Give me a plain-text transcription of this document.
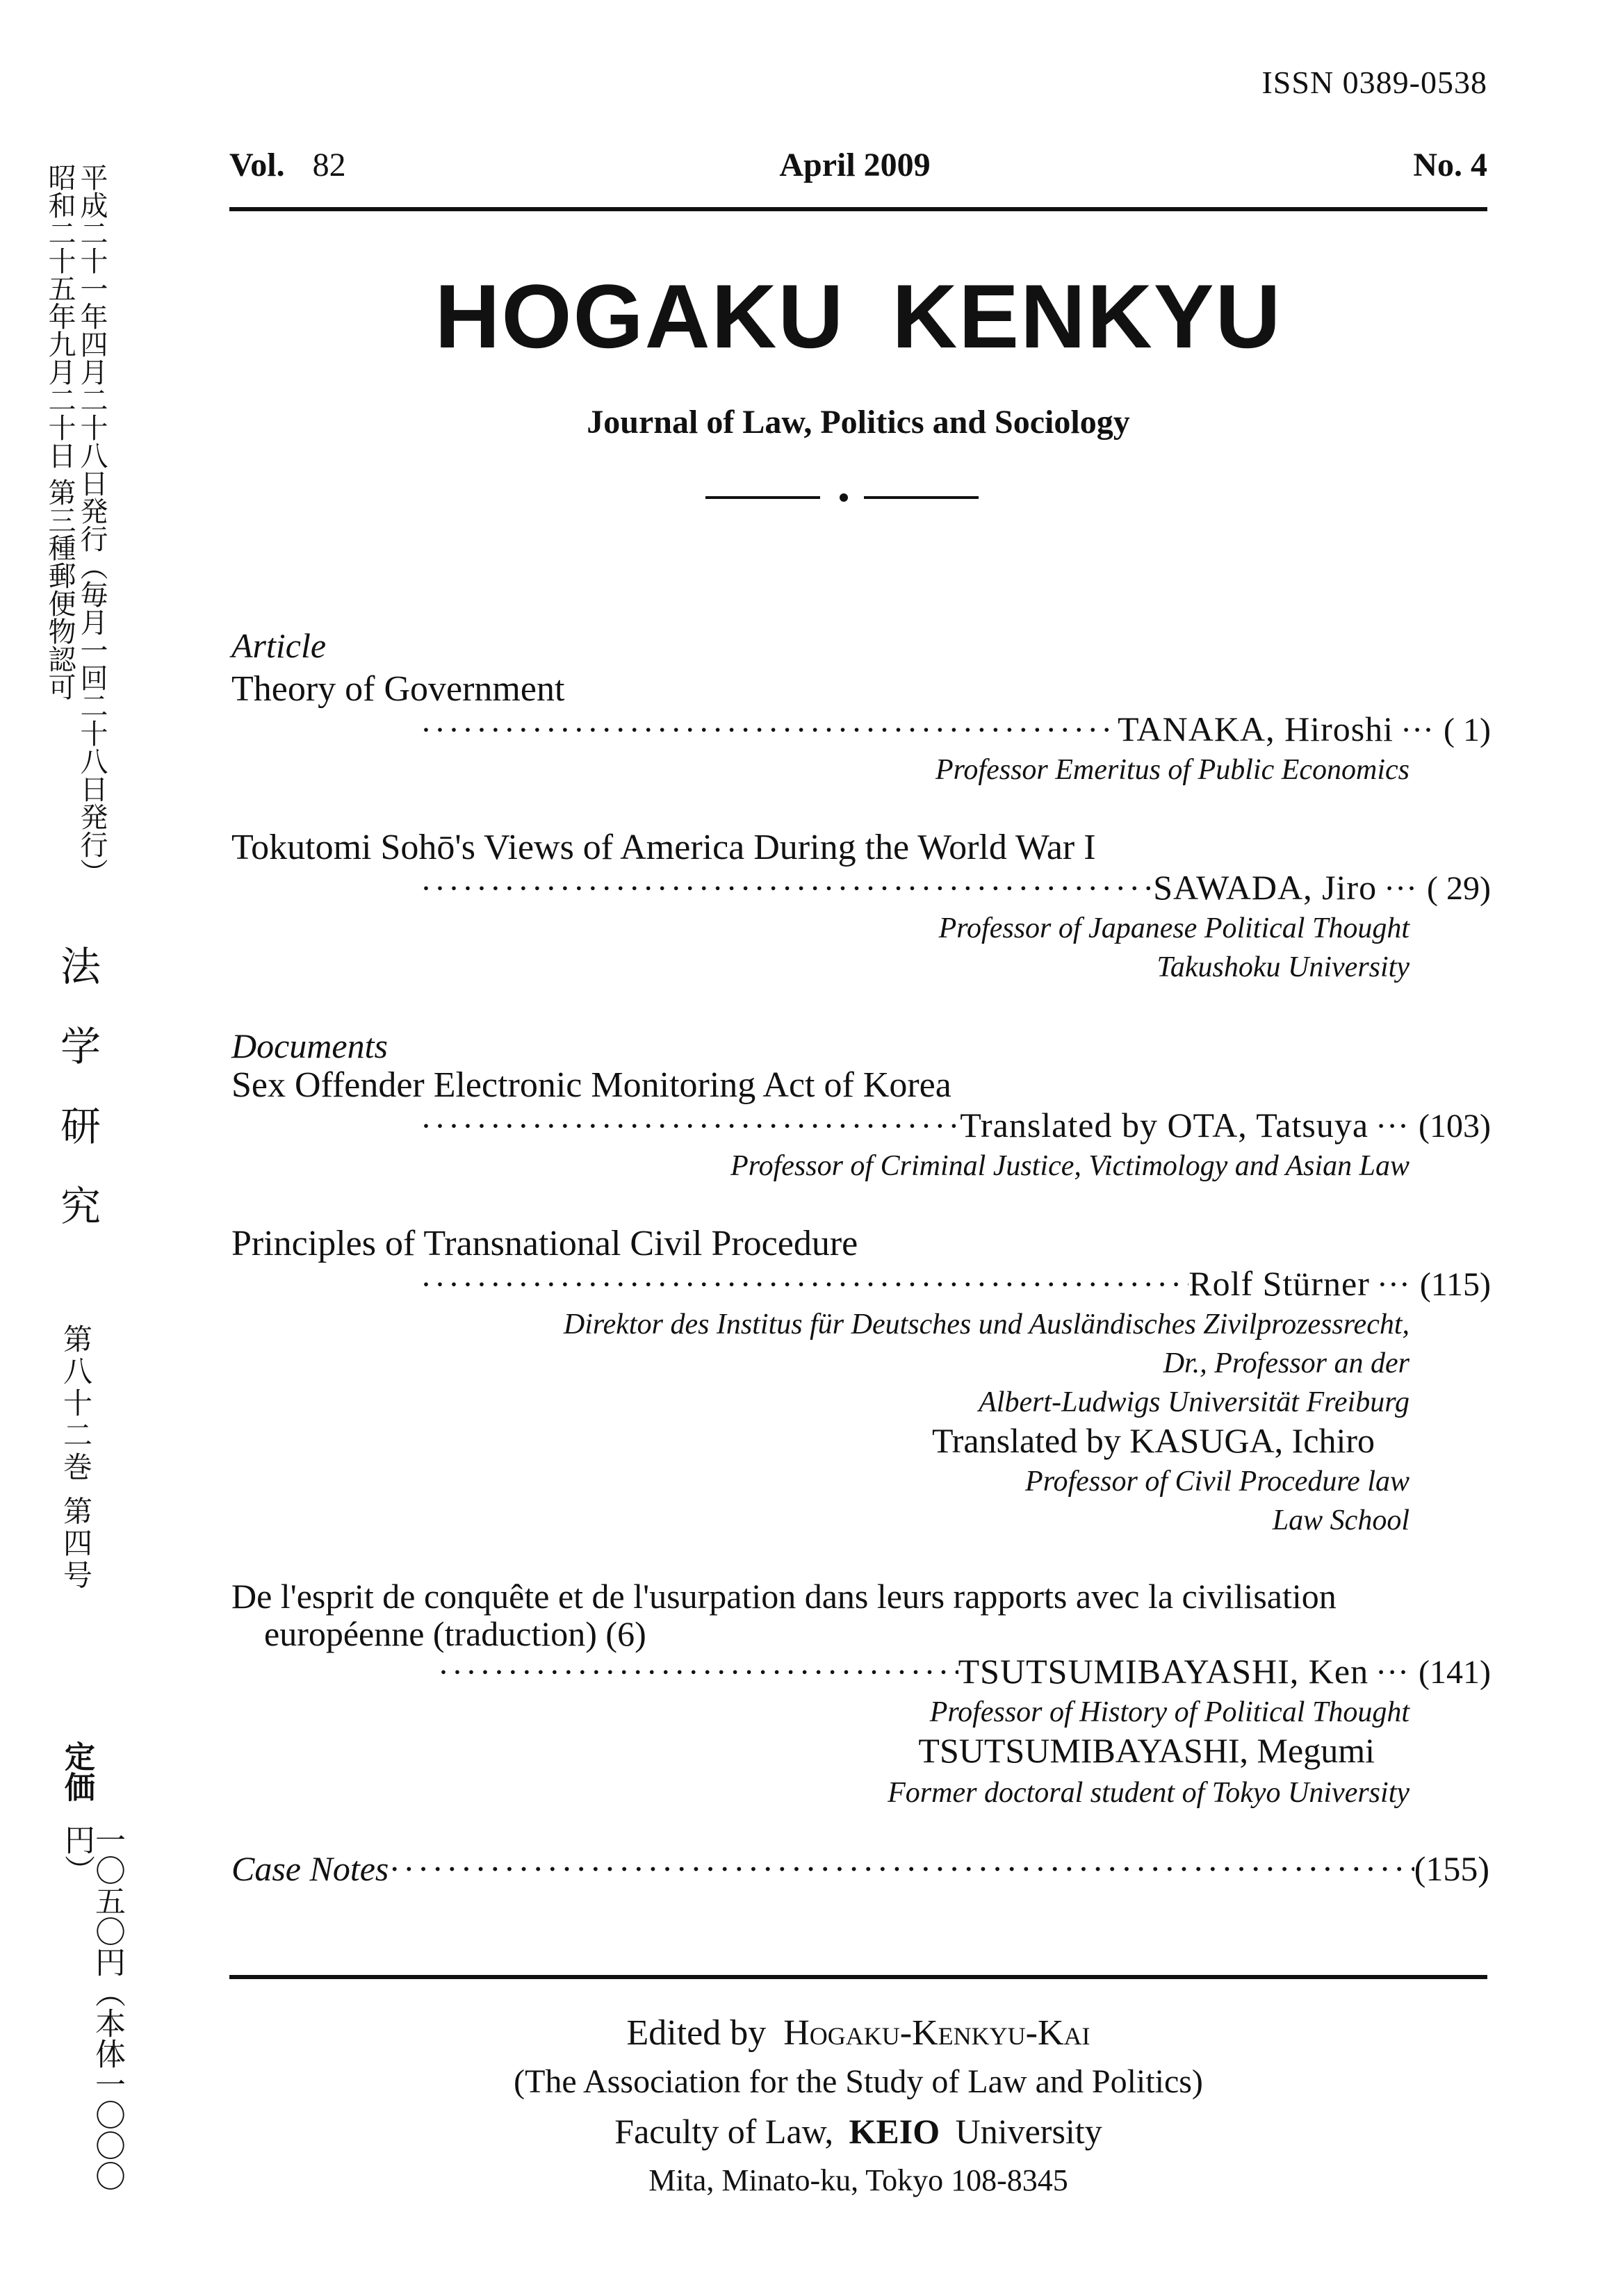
平成二十一年四月二十八日発行（毎月一回二十八日発行）
昭和二十五年九月二十日 第三種郵便物認可
法
学
研
究
第八十二巻 第四号
定価
一〇五〇円（本体一〇〇〇円）
ISSN 0389-0538
Vol. 82	April 2009	No. 4
HOGAKU KENKYU
Journal of Law, Politics and Sociology
Article
Theory of Government
·····
TANAKA, Hiroshi ··· ( 1)
Professor Emeritus of Public Economics
Tokutomi Sohō's Views of America During the World War I
·····
SAWADA, Jiro ··· ( 29)
Professor of Japanese Political Thought
Takushoku University
Documents
Sex Offender Electronic Monitoring Act of Korea
·····
Translated by OTA, Tatsuya ··· (103)
Professor of Criminal Justice, Victimology and Asian Law
Principles of Transnational Civil Procedure
·····
Rolf Stürner ··· (115)
Direktor des Institus für Deutsches und Ausländisches Zivilprozessrecht,
Dr., Professor an der
Albert-Ludwigs Universität Freiburg
Translated by KASUGA, Ichiro
Professor of Civil Procedure law
Law School
De l'esprit de conquête et de l'usurpation dans leurs rapports avec la civilisation
européenne (traduction) (6)
·····
TSUTSUMIBAYASHI, Ken ··· (141)
Professor of History of Political Thought
TSUTSUMIBAYASHI, Megumi
Former doctoral student of Tokyo University
Case Notes
·····	(155)
Edited by Hogaku-Kenkyu-Kai
(The Association for the Study of Law and Politics)
Faculty of Law, KEIO University
Mita, Minato-ku, Tokyo 108-8345
